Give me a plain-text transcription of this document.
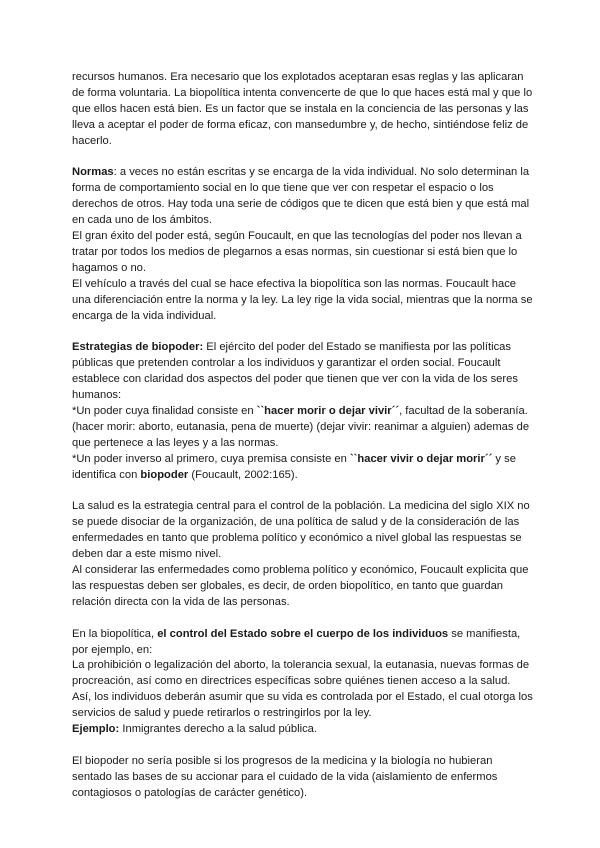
recursos humanos. Era necesario que los explotados aceptaran esas reglas y las aplicaran de forma voluntaria. La biopolítica intenta convencerte de que lo que haces está mal y que lo que ellos hacen está bien. Es un factor que se instala en la conciencia de las personas y las lleva a aceptar el poder de forma eficaz, con mansedumbre y, de hecho, sintiéndose feliz de hacerlo.

Normas: a veces no están escritas y se encarga de la vida individual. No solo determinan la forma de comportamiento social en lo que tiene que ver con respetar el espacio o los derechos de otros. Hay toda una serie de códigos que te dicen que está bien y que está mal en cada uno de los ámbitos.
El gran éxito del poder está, según Foucault, en que las tecnologías del poder nos llevan a tratar por todos los medios de plegarnos a esas normas, sin cuestionar si está bien que lo hagamos o no.
El vehículo a través del cual se hace efectiva la biopolítica son las normas. Foucault hace una diferenciación entre la norma y la ley. La ley rige la vida social, mientras que la norma se encarga de la vida individual.

Estrategias de biopoder: El ejército del poder del Estado se manifiesta por las políticas públicas que pretenden controlar a los individuos y garantizar el orden social. Foucault establece con claridad dos aspectos del poder que tienen que ver con la vida de los seres humanos:
*Un poder cuya finalidad consiste en ``hacer morir o dejar vivir´´, facultad de la soberanía. (hacer morir: aborto, eutanasia, pena de muerte) (dejar vivir: reanimar a alguien) ademas de que pertenece a las leyes y a las normas.
*Un poder inverso al primero, cuya premisa consiste en ``hacer vivir o dejar morir´´ y se identifica con biopoder (Foucault, 2002:165).

La salud es la estrategia central para el control de la población. La medicina del siglo XIX no se puede disociar de la organización, de una política de salud y de la consideración de las enfermedades en tanto que problema político y económico a nivel global las respuestas se deben dar a este mismo nivel.
Al considerar las enfermedades como problema político y económico, Foucault explicita que las respuestas deben ser globales, es decir, de orden biopolítico, en tanto que guardan relación directa con la vida de las personas.

En la biopolítica, el control del Estado sobre el cuerpo de los individuos se manifiesta, por ejemplo, en:
La prohibición o legalización del aborto, la tolerancia sexual, la eutanasia, nuevas formas de procreación, así como en directrices específicas sobre quiénes tienen acceso a la salud.
Así, los individuos deberán asumir que su vida es controlada por el Estado, el cual otorga los servicios de salud y puede retirarlos o restringirlos por la ley.
Ejemplo: Inmigrantes derecho a la salud pública.

El biopoder no sería posible si los progresos de la medicina y la biología no hubieran sentado las bases de su accionar para el cuidado de la vida (aislamiento de enfermos contagiosos o patologías de carácter genético).
